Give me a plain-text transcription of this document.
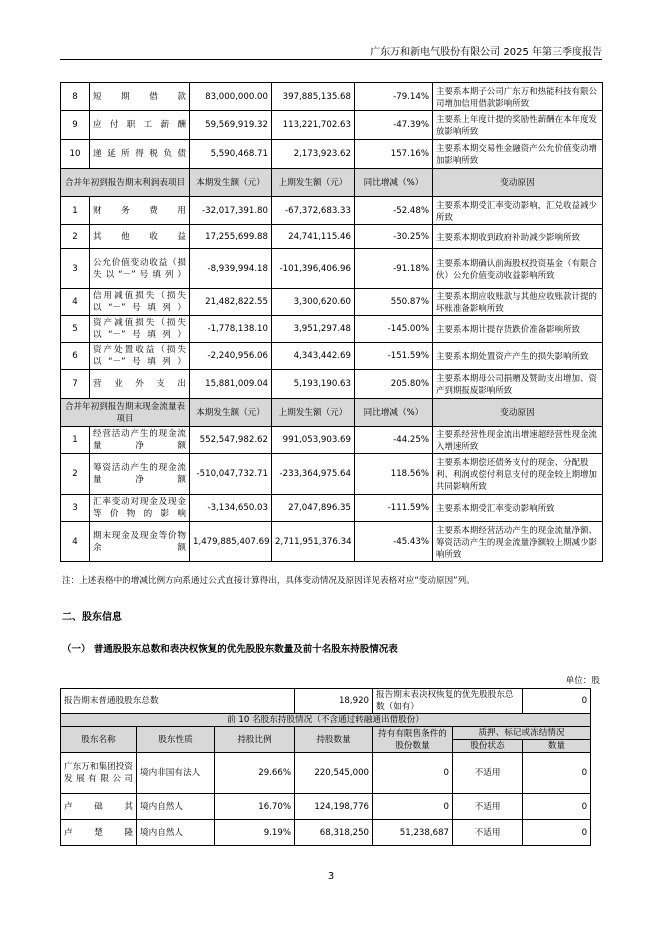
广东万和新电气股份有限公司 2025 年第三季度报告
8	短期借款	83,000,000.00	397,885,135.68	-79.14%	主要系本期子公司广东万和热能科技有限公司增加信用借款影响所致
9	应付职工薪酬	59,569,919.32	113,221,702.63	-47.39%	主要系上年度计提的奖励性薪酬在本年度发放影响所致
10	递延所得税负债	5,590,468.71	2,173,923.62	157.16%	主要系本期交易性金融资产公允价值变动增加影响所致
合并年初到报告期末利润表项目		本期发生额（元）	上期发生额（元）	同比增减（%）	变动原因
1	财务费用	-32,017,391.80	-67,372,683.33	-52.48%	主要系本期受汇率变动影响，汇兑收益减少所致
2	其他收益	17,255,699.88	24,741,115.46	-30.25%	主要系本期收到政府补助减少影响所致
3	公允价值变动收益（损失以“－”号填列）	-8,939,994.18	-101,396,406.96	-91.18%	主要系本期确认前海股权投资基金（有限合伙）公允价值变动收益影响所致
4	信用减值损失（损失以“－”号填列）	21,482,822.55	3,300,620.60	550.87%	主要系本期应收账款与其他应收账款计提的坏账准备影响所致
5	资产减值损失（损失以“－”号填列）	-1,778,138.10	3,951,297.48	-145.00%	主要系本期计提存货跌价准备影响所致
6	资产处置收益（损失以“－”号填列）	-2,240,956.06	4,343,442.69	-151.59%	主要系本期处置资产产生的损失影响所致
7	营业外支出	15,881,009.04	5,193,190.63	205.80%	主要系本期母公司捐赠及赞助支出增加、资产到期报废影响所致
合并年初到报告期末现金流量表项目		本期发生额（元）	上期发生额（元）	同比增减（%）	变动原因
1	经营活动产生的现金流量净额	552,547,982.62	991,053,903.69	-44.25%	主要系经营性现金流出增速超经营性现金流入增速所致
2	筹资活动产生的现金流量净额	-510,047,732.71	-233,364,975.64	118.56%	主要系本期偿还债务支付的现金、分配股利、利润或偿付利息支付的现金较上期增加共同影响所致
3	汇率变动对现金及现金等价物的影响	-3,134,650.03	27,047,896.35	-111.59%	主要系本期受汇率变动影响所致
4	期末现金及现金等价物余额	1,479,885,407.69	2,711,951,376.34	-45.43%	主要系本期经营活动产生的现金流量净额、筹资活动产生的现金流量净额较上期减少影响所致
注：上述表格中的增减比例方向系通过公式直接计算得出，具体变动情况及原因详见表格对应“变动原因”列。
二、股东信息
（一） 普通股股东总数和表决权恢复的优先股股东数量及前十名股东持股情况表
单位：股
报告期末普通股股东总数			18,920	报告期末表决权恢复的优先股股东总数（如有）		0
前 10 名股东持股情况（不含通过转融通出借股份）						
股东名称	股东性质	持股比例	持股数量	持有有限售条件的股份数量	质押、标记或冻结情况	
					股份状态	数量
广东万和集团投资发展有限公司	境内非国有法人	29.66%	220,545,000	0	不适用	0
卢础其	境内自然人	16.70%	124,198,776	0	不适用	0
卢楚隆	境内自然人	9.19%	68,318,250	51,238,687	不适用	0
3
